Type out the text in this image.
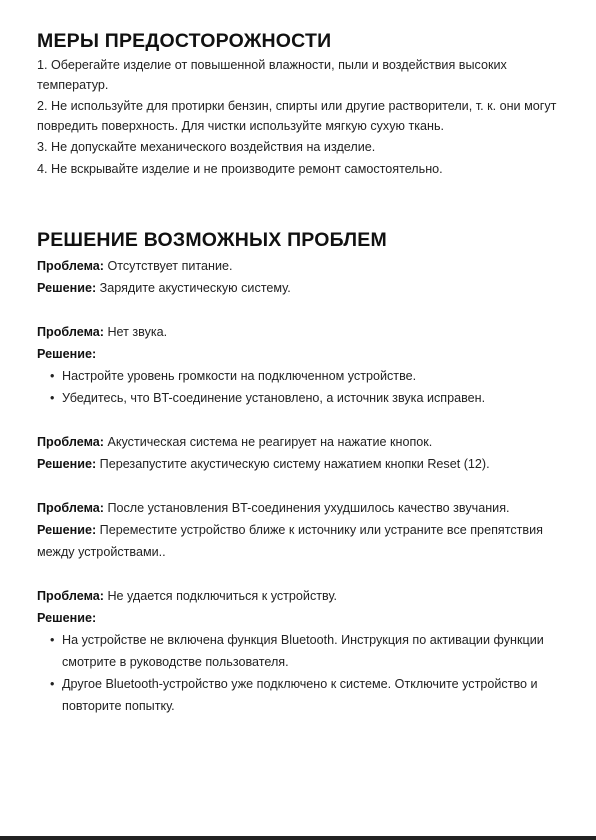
МЕРЫ ПРЕДОСТОРОЖНОСТИ

1. Оберегайте изделие от повышенной влажности, пыли и воздействия высоких температур.

2. Не используйте для протирки бензин, спирты или другие растворители, т. к. они могут повредить поверхность. Для чистки используйте мягкую сухую ткань.

3. Не допускайте механического воздействия на изделие.

4. Не вскрывайте изделие и не производите ремонт самостоятельно.

РЕШЕНИЕ ВОЗМОЖНЫХ ПРОБЛЕМ

Проблема: Отсутствует питание.

Решение: Зарядите акустическую систему.

Проблема: Нет звука.

Решение:

• Настройте уровень громкости на подключенном устройстве.
• Убедитесь, что BT-соединение установлено, а источник звука исправен.

Проблема: Акустическая система не реагирует на нажатие кнопок.

Решение: Перезапустите акустическую систему нажатием кнопки Reset (12).

Проблема: После установления BT-соединения ухудшилось качество звучания.

Решение: Переместите устройство ближе к источнику или устраните все препятствия между устройствами..

Проблема: Не удается подключиться к устройству.

Решение:

• На устройстве не включена функция Bluetooth. Инструкция по активации функции смотрите в руководстве пользователя.
• Другое Bluetooth-устройство уже подключено к системе. Отключите устройство и повторите попытку.
